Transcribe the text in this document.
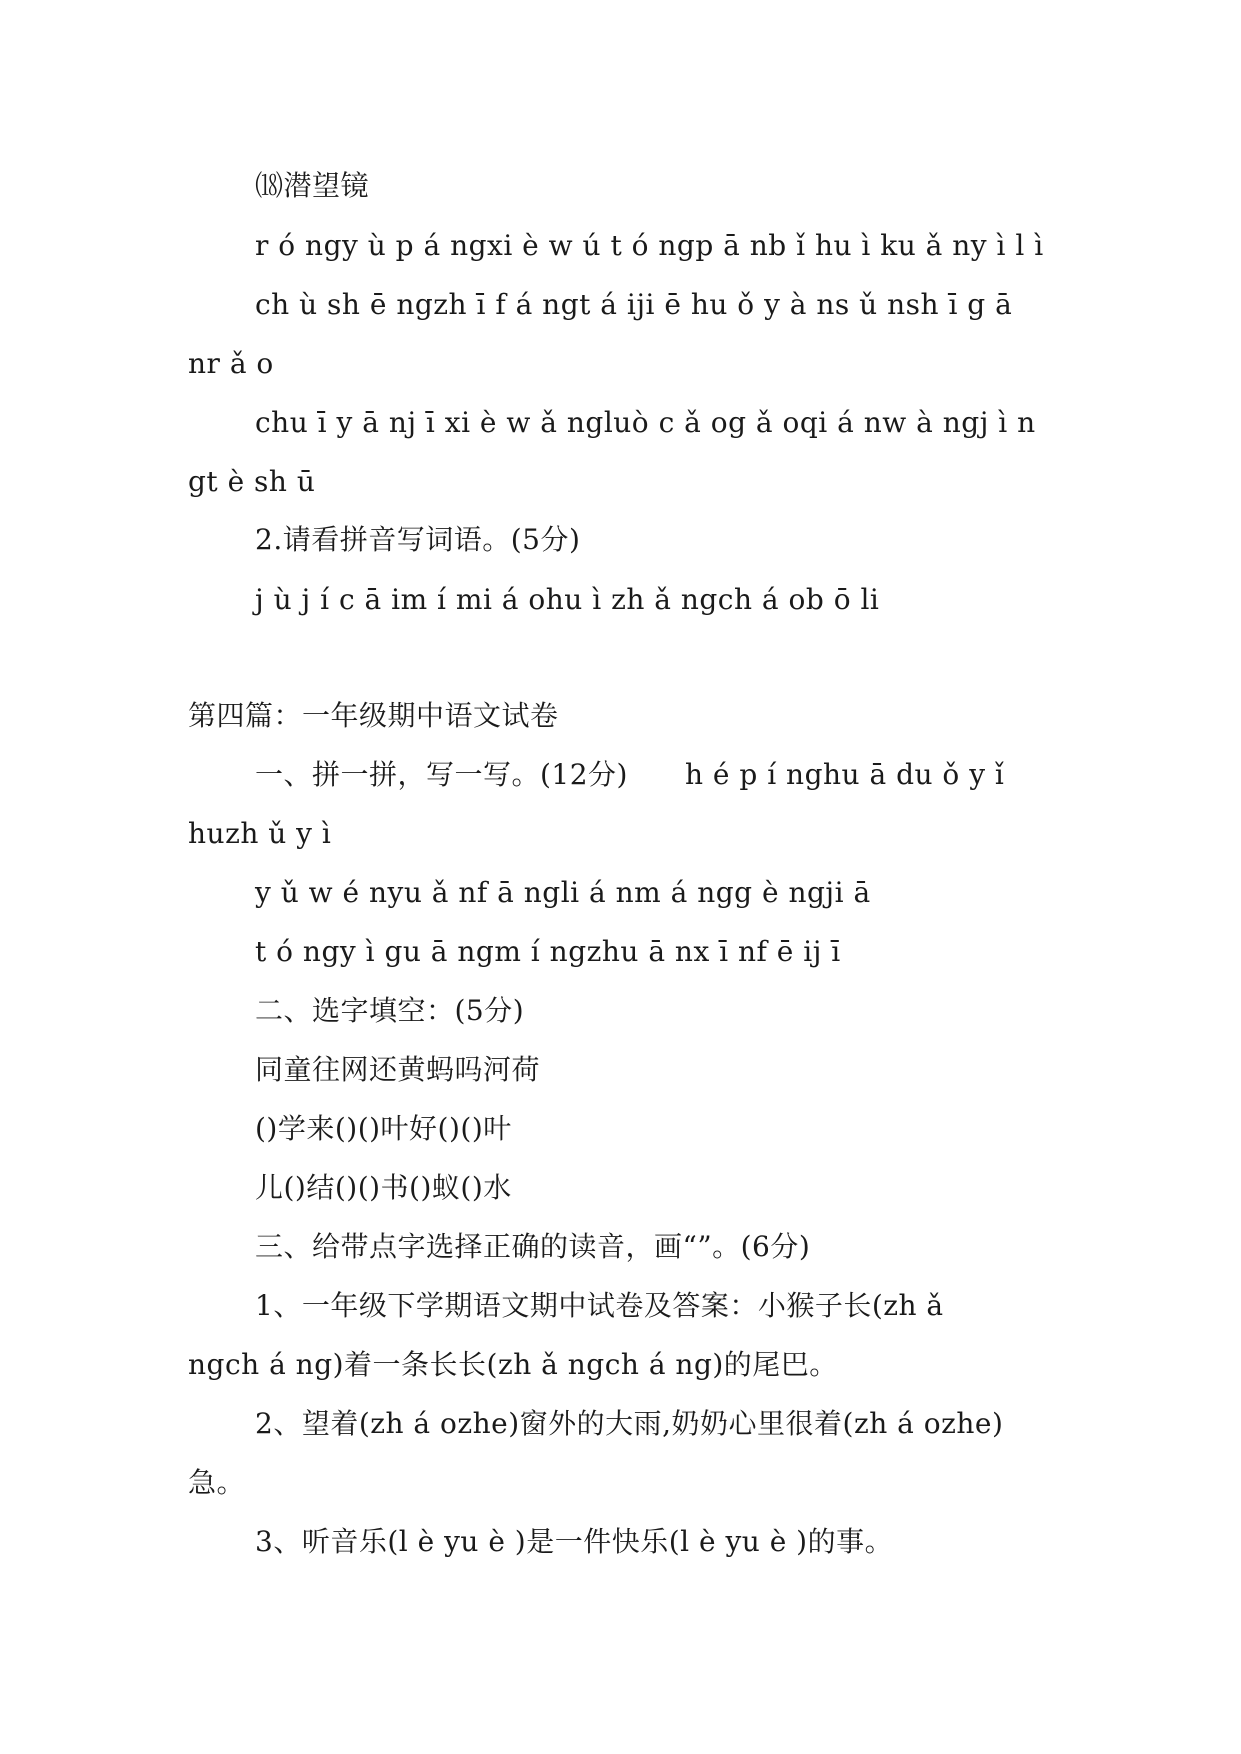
⒅潜望镜
r ó ngy ù p á ngxi è w ú t ó ngp ā nb ǐ hu ì ku ǎ ny ì l ì
ch ù sh ē ngzh ī f á ngt á iji ē hu ǒ y à ns ǔ nsh ī g ā
nr ǎ o
chu ī y ā nj ī xi è w ǎ ngluò c ǎ og ǎ oqi á nw à ngj ì n
gt è sh ū
2.请看拼音写词语。(5分)
j ù j í c ā im í mi á ohu ì zh ǎ ngch á ob ō li
第四篇：一年级期中语文试卷
一、拼一拼，写一写。(12分)　　h é p í nghu ā du ǒ y ǐ
huzh ǔ y ì
y ǔ w é nyu ǎ nf ā ngli á nm á ngg è ngji ā
t ó ngy ì gu ā ngm í ngzhu ā nx ī nf ē ij ī
二、选字填空：(5分)
同童往网还黄蚂吗河荷
()学来()()叶好()()叶
儿()结()()书()蚁()水
三、给带点字选择正确的读音，画“”。(6分)
1、一年级下学期语文期中试卷及答案：小猴子长(zh ǎ
ngch á ng)着一条长长(zh ǎ ngch á ng)的尾巴。
2、望着(zh á ozhe)窗外的大雨,奶奶心里很着(zh á ozhe)
急。
3、听音乐(l è yu è )是一件快乐(l è yu è )的事。
